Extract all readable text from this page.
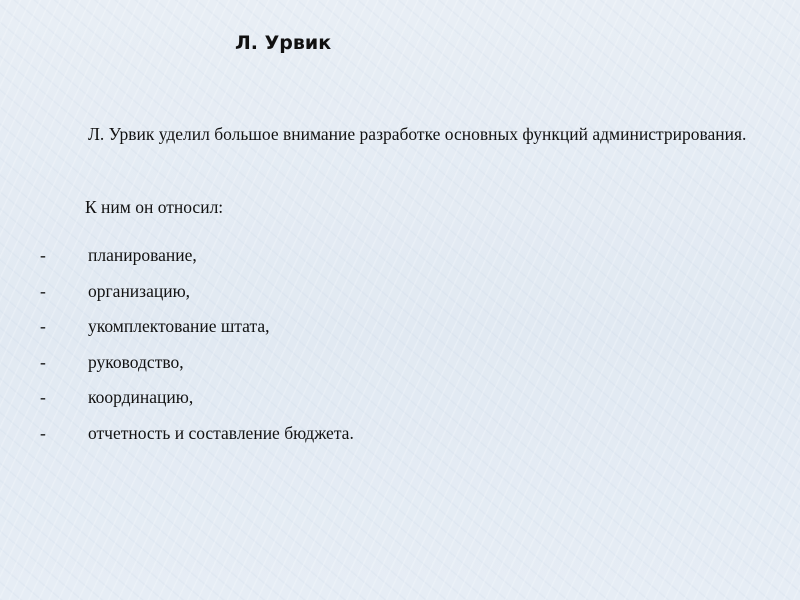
Л. Урвик

Л. Урвик уделил большое внимание разработке основных функций администрирования.

К ним он относил:

- планирование,
- организацию,
- укомплектование штата,
- руководство,
- координацию,
- отчетность и составление бюджета.
